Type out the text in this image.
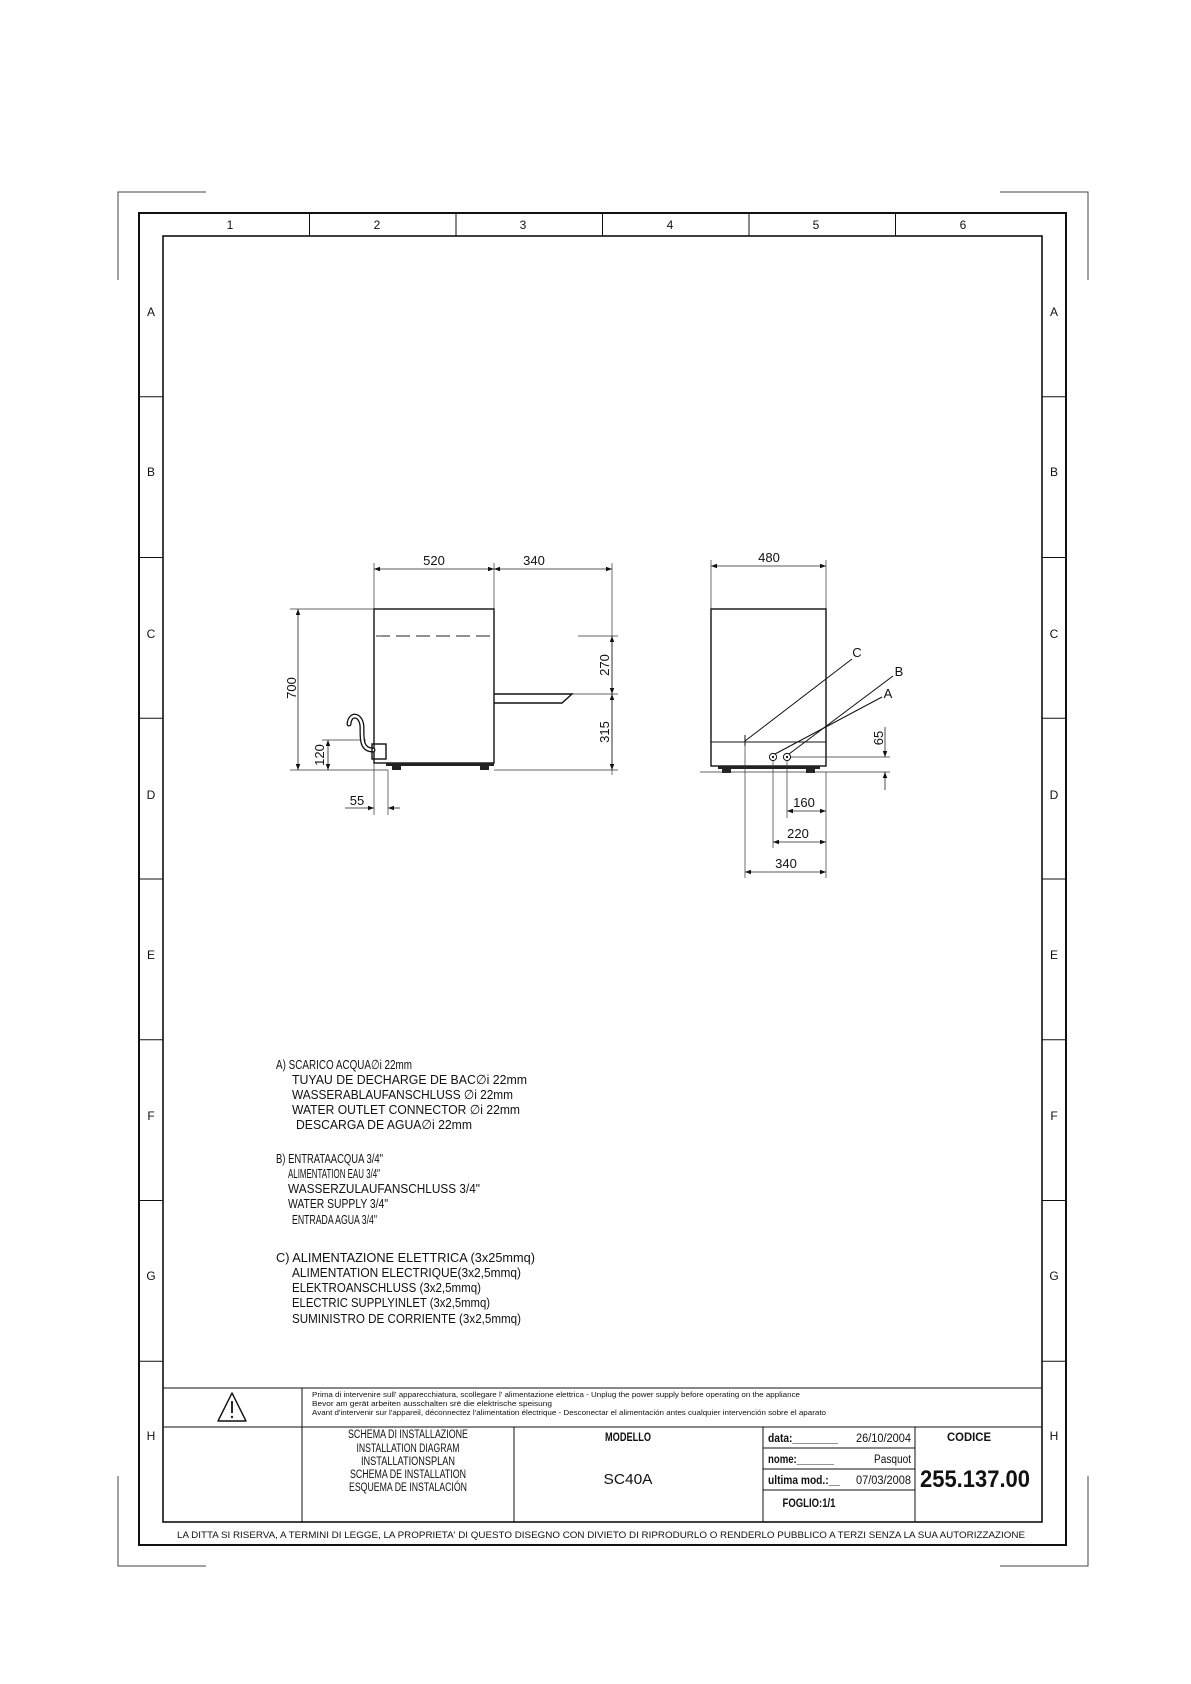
1	2	3	4	5	6
A
B
C
D
E
F
G
H
A
B
C
D
E
F
G
H
520	340
700
120
55
270
315
480
C
B
A
65
160
220
340
A) SCARICO ACQUA∅i 22mm
TUYAU DE DECHARGE DE BAC∅i 22mm
WASSERABLAUFANSCHLUSS ∅i 22mm
WATER OUTLET CONNECTOR ∅i 22mm
DESCARGA DE AGUA∅i 22mm
B) ENTRATAACQUA 3/4"
ALIMENTATION EAU 3/4"
WASSERZULAUFANSCHLUSS 3/4"
WATER SUPPLY 3/4"
ENTRADA AGUA 3/4"
C) ALIMENTAZIONE ELETTRICA (3x25mmq)
ALIMENTATION ELECTRIQUE(3x2,5mmq)
ELEKTROANSCHLUSS (3x2,5mmq)
ELECTRIC SUPPLYINLET (3x2,5mmq)
SUMINISTRO DE CORRIENTE (3x2,5mmq)
Prima di intervenire sull' apparecchiatura, scollegare l' alimentazione elettrica - Unplug the power supply before operating on the appliance
Bevor am gerät arbeiten ausschalten srë die elektrische speisung
Avant d'intervenir sur l'appareil, déconnectez l'alimentation électrique - Desconectar el alimentación antes cualquier intervención sobre el aparato
SCHEMA DI INSTALLAZIONE
INSTALLATION DIAGRAM
INSTALLATIONSPLAN
SCHEMA DE INSTALLATION
ESQUEMA DE INSTALACIÓN
MODELLO
SC40A
data:________ 26/10/2004
nome:_______	Pasquot
ultima mod.:__ 07/03/2008
FOGLIO:1/1
CODICE
255.137.00
LA DITTA SI RISERVA, A TERMINI DI LEGGE, LA PROPRIETA' DI QUESTO DISEGNO CON DIVIETO DI RIPRODURLO O RENDERLO PUBBLICO A TERZI SENZA LA SUA AUTORIZZAZIONE
